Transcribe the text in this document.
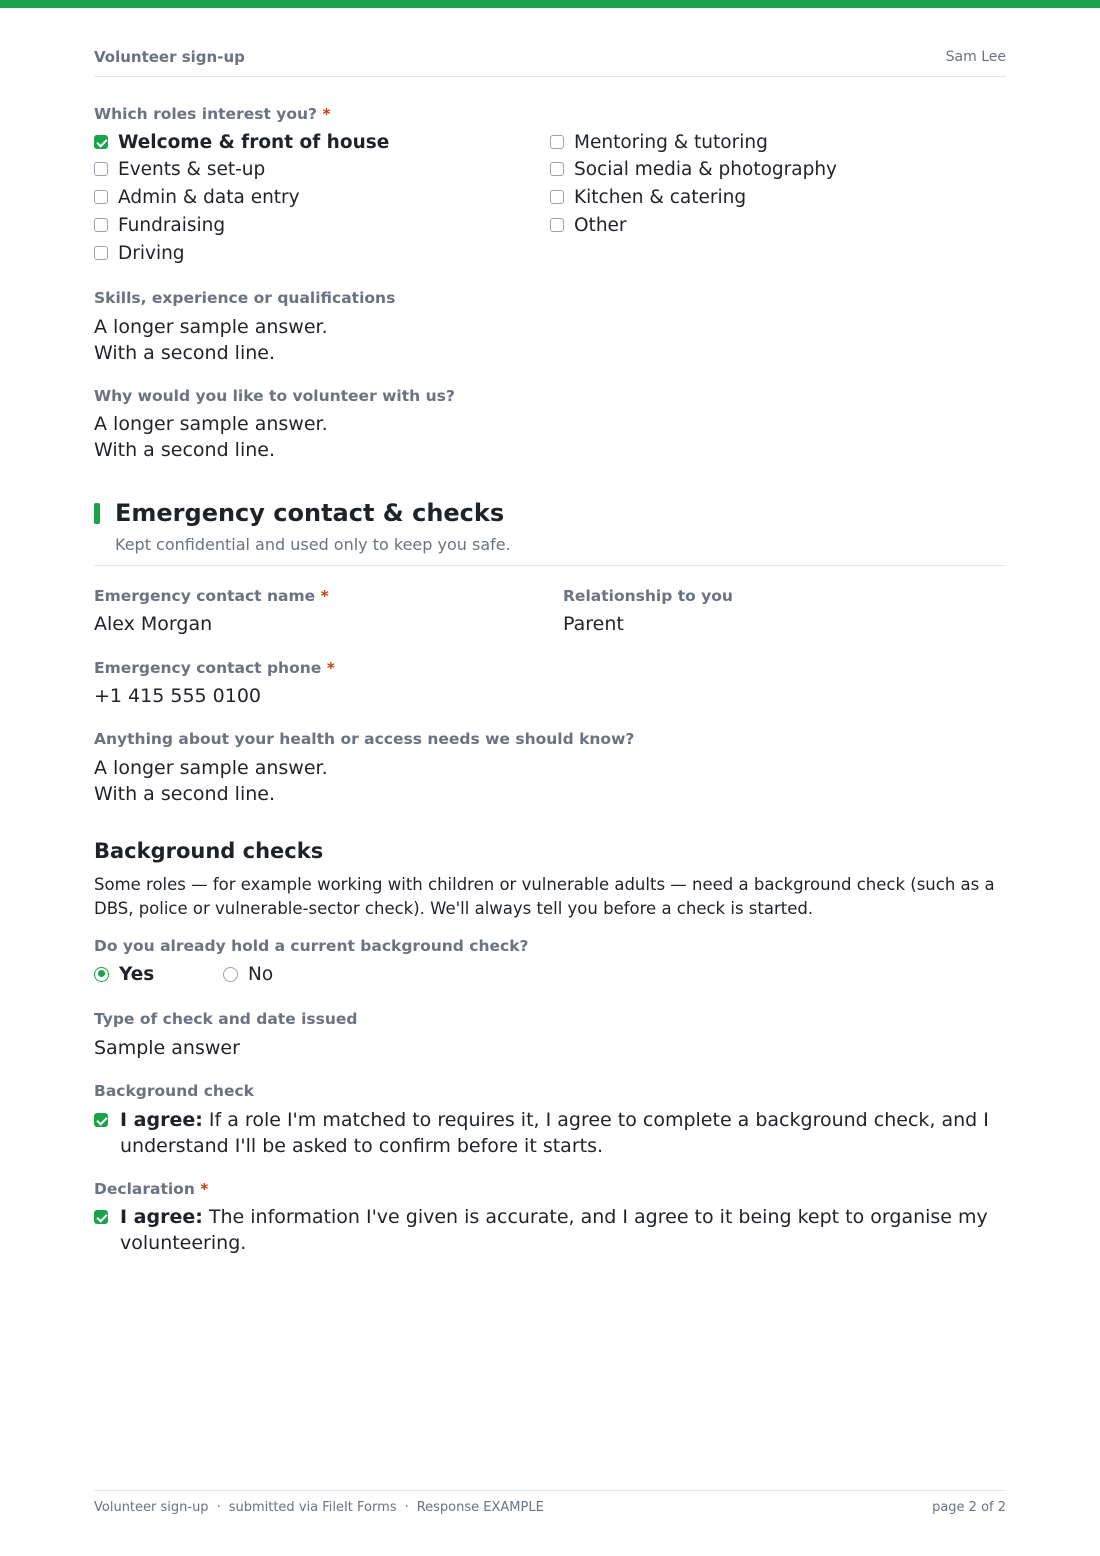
Volunteer sign-up	Sam Lee
Which roles interest you? *
Welcome & front of house
Events & set-up
Admin & data entry
Fundraising
Driving
Mentoring & tutoring
Social media & photography
Kitchen & catering
Other
Skills, experience or qualifications
A longer sample answer.
With a second line.
Why would you like to volunteer with us?
A longer sample answer.
With a second line.
Emergency contact & checks
Kept confidential and used only to keep you safe.
Emergency contact name *
Alex Morgan
Relationship to you
Parent
Emergency contact phone *
+1 415 555 0100
Anything about your health or access needs we should know?
A longer sample answer.
With a second line.
Background checks
Some roles — for example working with children or vulnerable adults — need a background check (such as a DBS, police or vulnerable-sector check). We'll always tell you before a check is started.
Do you already hold a current background check?
Yes	No
Type of check and date issued
Sample answer
Background check
I agree: If a role I'm matched to requires it, I agree to complete a background check, and I understand I'll be asked to confirm before it starts.
Declaration *
I agree: The information I've given is accurate, and I agree to it being kept to organise my volunteering.
Volunteer sign-up · submitted via FileIt Forms · Response EXAMPLE	page 2 of 2
